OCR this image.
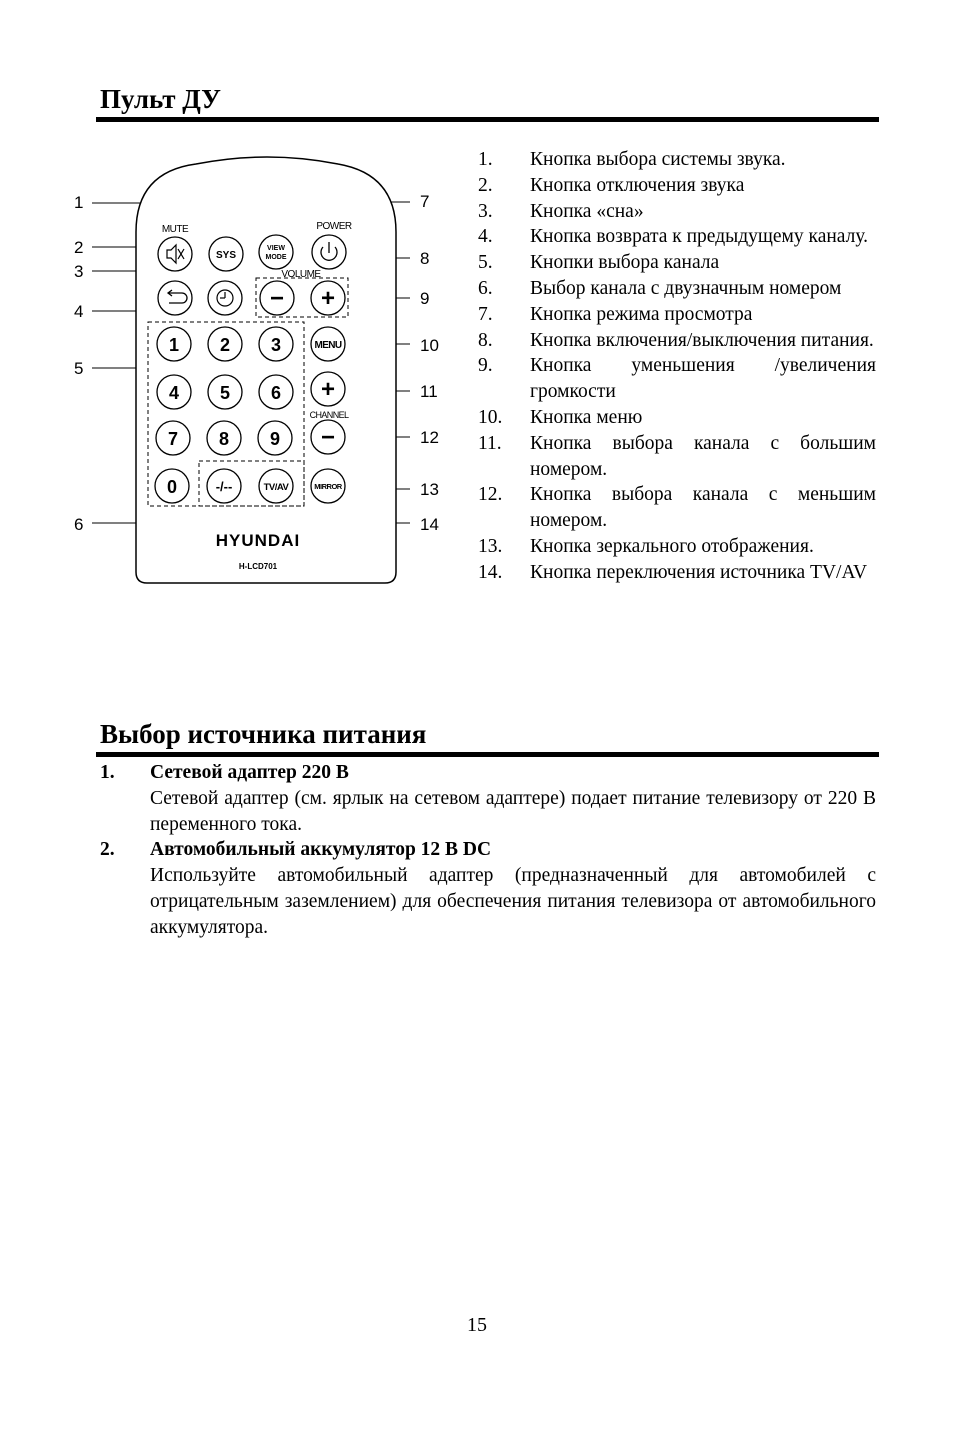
Пульт ДУ
MUTE	POWER
VOLUME
CHANNEL
SYS
VIEW
MODE
− +
1 2 3	MENU
4 5 6 +
7 8 9 −
0	-/--	TV/AV	MIRROR
HYUNDAI
H-LCD701
1
2
3
4
5
6
7
8
9
10
11
12
13
14
1.	Кнопка выбора системы звука.
2.	Кнопка отключения звука
3.	Кнопка «сна»
4.	Кнопка возврата к предыдущему каналу.
5.	Кнопки выбора канала
6.	Выбор канала с двузначным номером
7.	Кнопка режима просмотра
8.	Кнопка включения/выключения питания.
9.	Кнопка уменьшения /увеличения громкости
10.	Кнопка меню
11.	Кнопка выбора канала с большим номером.
12.	Кнопка выбора канала с меньшим номером.
13.	Кнопка зеркального отображения.
14.	Кнопка переключения источника TV/AV
Выбор источника питания
1.	Сетевой адаптер 220 В
Сетевой адаптер (см. ярлык на сетевом адаптере) подает питание телевизору от 220 В переменного тока.
2.	Автомобильный аккумулятор 12 В DC
Используйте автомобильный адаптер (предназначенный для автомобилей с отрицательным заземлением) для обеспечения питания телевизора от автомобильного аккумулятора.
15
